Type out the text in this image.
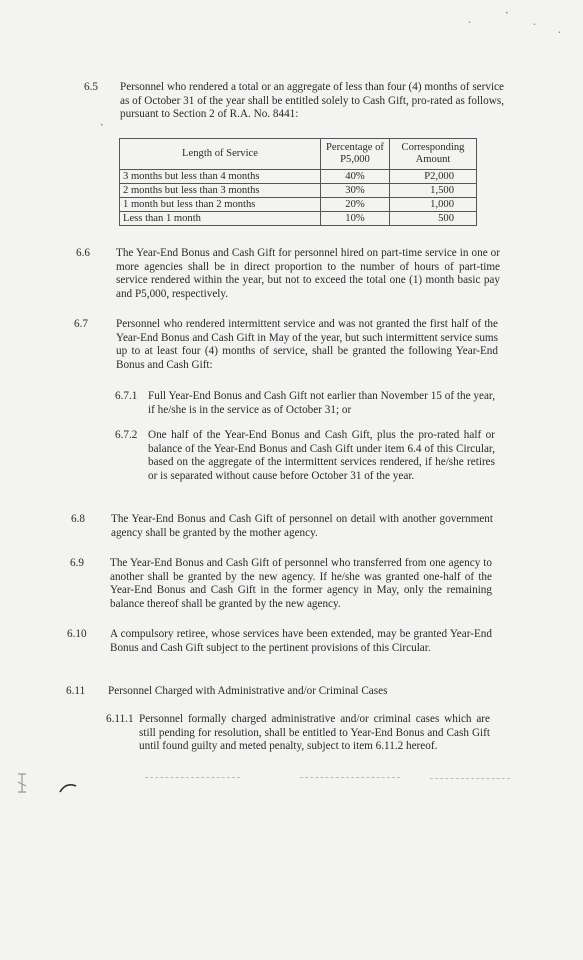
6.5 Personnel who rendered a total or an aggregate of less than four (4) months of service as of October 31 of the year shall be entitled solely to Cash Gift, pro-rated as follows, pursuant to Section 2 of R.A. No. 8441:
Length of Service	Percentage of P5,000	Corresponding Amount
3 months but less than 4 months	40%	P2,000
2 months but less than 3 months	30%	1,500
1 month but less than 2 months	20%	1,000
Less than 1 month	10%	500
6.6 The Year-End Bonus and Cash Gift for personnel hired on part-time service in one or more agencies shall be in direct proportion to the number of hours of part-time service rendered within the year, but not to exceed the total one (1) month basic pay and P5,000, respectively.
6.7	Personnel who rendered intermittent service and was not granted the first half of the Year-End Bonus and Cash Gift in May of the year, but such intermittent service sums up to at least four (4) months of service, shall be granted the following Year-End Bonus and Cash Gift:
6.7.1 Full Year-End Bonus and Cash Gift not earlier than November 15 of the year, if he/she is in the service as of October 31; or
6.7.2 One half of the Year-End Bonus and Cash Gift, plus the pro-rated half or balance of the Year-End Bonus and Cash Gift under item 6.4 of this Circular, based on the aggregate of the intermittent services rendered, if he/she retires or is separated without cause before October 31 of the year.
6.8 The Year-End Bonus and Cash Gift of personnel on detail with another government agency shall be granted by the mother agency.
6.9 The Year-End Bonus and Cash Gift of personnel who transferred from one agency to another shall be granted by the new agency. If he/she was granted one-half of the Year-End Bonus and Cash Gift in the former agency in May, only the remaining balance thereof shall be granted by the new agency.
6.10 A compulsory retiree, whose services have been extended, may be granted Year-End Bonus and Cash Gift subject to the pertinent provisions of this Circular.
6.11 Personnel Charged with Administrative and/or Criminal Cases
6.11.1 Personnel formally charged administrative and/or criminal cases which are still pending for resolution, shall be entitled to Year-End Bonus and Cash Gift until found guilty and meted penalty, subject to item 6.11.2 hereof.
•
•
•
•
•
